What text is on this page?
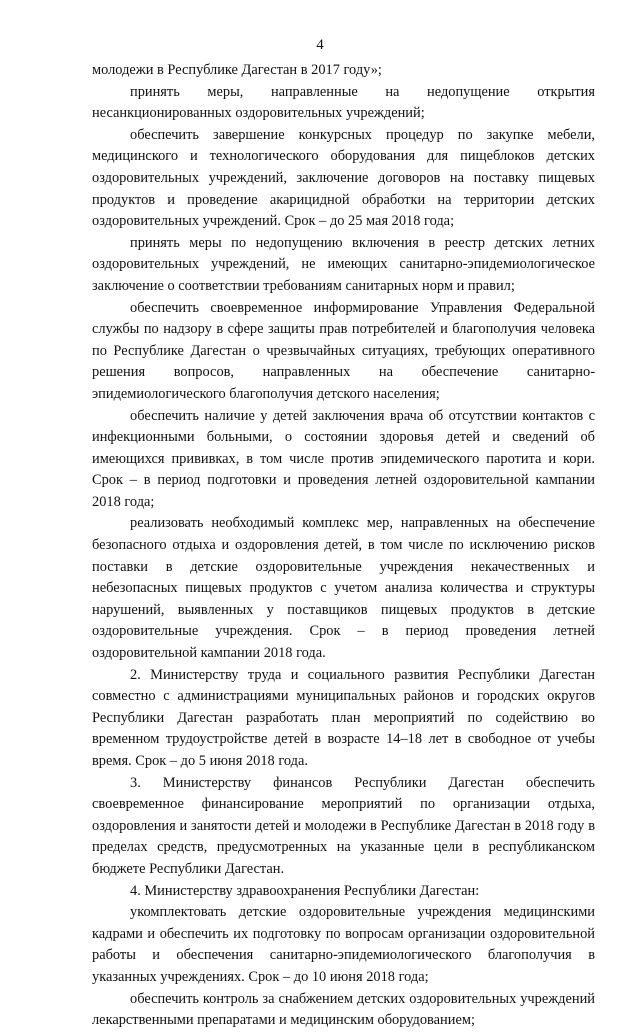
4

молодежи в Республике Дагестан в 2017 году»;

принять меры, направленные на недопущение открытия несанкционированных оздоровительных учреждений;

обеспечить завершение конкурсных процедур по закупке мебели, медицинского и технологического оборудования для пищеблоков детских оздоровительных учреждений, заключение договоров на поставку пищевых продуктов и проведение акарицидной обработки на территории детских оздоровительных учреждений. Срок – до 25 мая 2018 года;

принять меры по недопущению включения в реестр детских летних оздоровительных учреждений, не имеющих санитарно-эпидемиологическое заключение о соответствии требованиям санитарных норм и правил;

обеспечить своевременное информирование Управления Федеральной службы по надзору в сфере защиты прав потребителей и благополучия человека по Республике Дагестан о чрезвычайных ситуациях, требующих оперативного решения вопросов, направленных на обеспечение санитарно-эпидемиологического благополучия детского населения;

обеспечить наличие у детей заключения врача об отсутствии контактов с инфекционными больными, о состоянии здоровья детей и сведений об имеющихся прививках, в том числе против эпидемического паротита и кори. Срок – в период подготовки и проведения летней оздоровительной кампании 2018 года;

реализовать необходимый комплекс мер, направленных на обеспечение безопасного отдыха и оздоровления детей, в том числе по исключению рисков поставки в детские оздоровительные учреждения некачественных и небезопасных пищевых продуктов с учетом анализа количества и структуры нарушений, выявленных у поставщиков пищевых продуктов в детские оздоровительные учреждения. Срок – в период проведения летней оздоровительной кампании 2018 года.

2. Министерству труда и социального развития Республики Дагестан совместно с администрациями муниципальных районов и городских округов Республики Дагестан разработать план мероприятий по содействию во временном трудоустройстве детей в возрасте 14–18 лет в свободное от учебы время. Срок – до 5 июня 2018 года.

3. Министерству финансов Республики Дагестан обеспечить своевременное финансирование мероприятий по организации отдыха, оздоровления и занятости детей и молодежи в Республике Дагестан в 2018 году в пределах средств, предусмотренных на указанные цели в республиканском бюджете Республики Дагестан.

4. Министерству здравоохранения Республики Дагестан:

укомплектовать детские оздоровительные учреждения медицинскими кадрами и обеспечить их подготовку по вопросам организации оздоровительной работы и обеспечения санитарно-эпидемиологического благополучия в указанных учреждениях. Срок – до 10 июня 2018 года;

обеспечить контроль за снабжением детских оздоровительных учреждений лекарственными препаратами и медицинским оборудованием;
